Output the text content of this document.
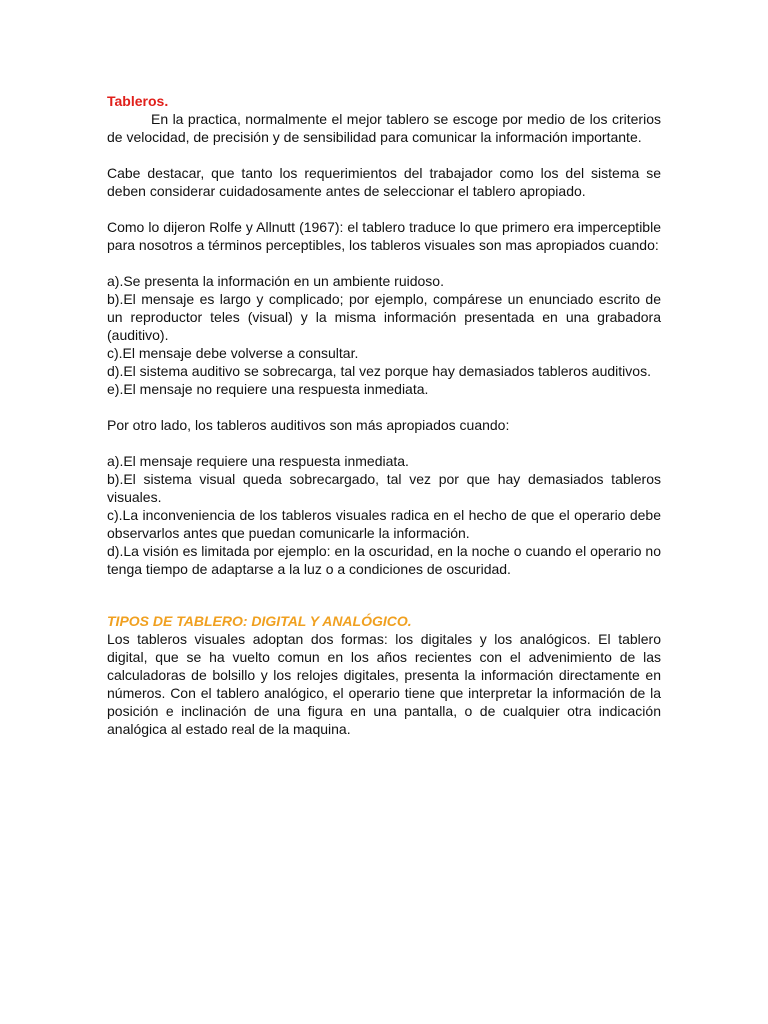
Tableros.
En la practica, normalmente el mejor tablero se escoge por medio de los criterios de velocidad, de precisión y de sensibilidad para comunicar la información importante.

Cabe destacar, que tanto los requerimientos del trabajador como los del sistema se deben considerar cuidadosamente antes de seleccionar el tablero apropiado.

Como lo dijeron Rolfe y Allnutt (1967): el tablero traduce lo que primero era imperceptible para nosotros a términos perceptibles, los tableros visuales son mas apropiados cuando:

a).Se presenta la información en un ambiente ruidoso.

b).El mensaje es largo y complicado; por ejemplo, compárese un enunciado escrito de un reproductor teles (visual) y la misma información presentada en una grabadora (auditivo).

c).El mensaje debe volverse a consultar.

d).El sistema auditivo se sobrecarga, tal vez porque hay demasiados tableros auditivos.

e).El mensaje no requiere una respuesta inmediata.

Por otro lado, los tableros auditivos son más apropiados cuando:

a).El mensaje requiere una respuesta inmediata.

b).El sistema visual queda sobrecargado, tal vez por que hay demasiados tableros visuales.

c).La inconveniencia de los tableros visuales radica en el hecho de que el operario debe observarlos antes que puedan comunicarle la información.

d).La visión es limitada por ejemplo: en la oscuridad, en la noche o cuando el operario no tenga tiempo de adaptarse a la luz o a condiciones de oscuridad.

TIPOS DE TABLERO: DIGITAL Y ANALÓGICO.

Los tableros visuales adoptan dos formas: los digitales y los analógicos. El tablero digital, que se ha vuelto comun en los años recientes con el advenimiento de las calculadoras de bolsillo y los relojes digitales, presenta la información directamente en números. Con el tablero analógico, el operario tiene que interpretar la información de la posición e inclinación de una figura en una pantalla, o de cualquier otra indicación analógica al estado real de la maquina.
